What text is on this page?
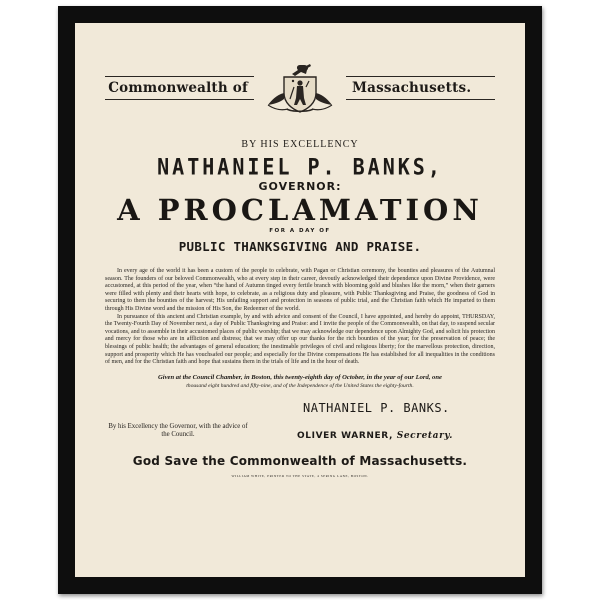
Commonwealth of	Massachusetts.
BY HIS EXCELLENCY
NATHANIEL P. BANKS,
GOVERNOR:
A PROCLAMATION
FOR A DAY OF
PUBLIC THANKSGIVING AND PRAISE.

In every age of the world it has been a custom of the people to celebrate, with Pagan or Christian ceremony, the bounties and pleasures of the Autumnal season. The founders of our beloved Commonwealth, who at every step in their career, devoutly acknowledged their dependence upon Divine Providence, were accustomed, at this period of the year, when “the hand of Autumn tinged every fertile branch with blooming gold and blushes like the morn,” when their garners were filled with plenty and their hearts with hope, to celebrate, as a religious duty and pleasure, with Public Thanksgiving and Praise, the goodness of God in securing to them the bounties of the harvest; His unfailing support and protection in seasons of public trial, and the Christian faith which He imparted to them through His Divine word and the mission of His Son, the Redeemer of the world.

In pursuance of this ancient and Christian example, by and with advice and consent of the Council, I have appointed, and hereby do appoint, THURSDAY, the Twenty-Fourth Day of November next, a day of Public Thanksgiving and Praise: and I invite the people of the Commonwealth, on that day, to suspend secular vocations, and to assemble in their accustomed places of public worship; that we may acknowledge our dependence upon Almighty God, and solicit his protection and mercy for those who are in affliction and distress; that we may offer up our thanks for the rich bounties of the year; for the preservation of peace; the blessings of public health; the advantages of general education; the inestimable privileges of civil and religious liberty; for the marvellous protection, direction, support and prosperity which He has vouchsafed our people; and especially for the Divine compensations He has established for all inequalities in the conditions of men, and for the Christian faith and hope that sustains them in the trials of life and in the hour of death.

Given at the Council Chamber, in Boston, this twenty-eighth day of October, in the year of our Lord, one
thousand eight hundred and fifty-nine, and of the Independence of the United States the eighty-fourth.
NATHANIEL P. BANKS.
By his Excellency the Governor, with the advice of the Council.	OLIVER WARNER, Secretary.
God Save the Commonwealth of Massachusetts.
WILLIAM WHITE, PRINTER TO THE STATE, 4 SPRING LANE, BOSTON.
